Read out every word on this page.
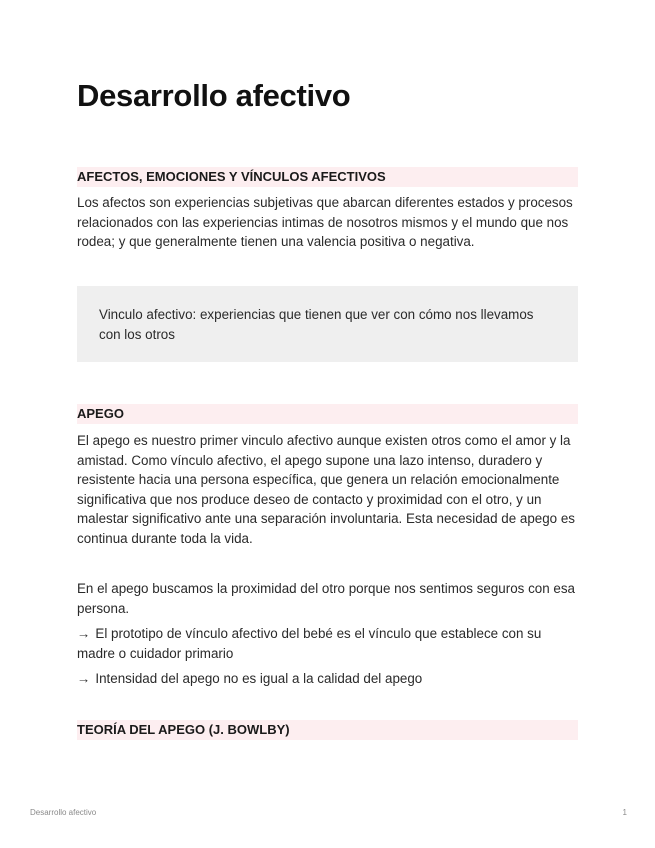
Desarrollo afectivo
AFECTOS, EMOCIONES Y VÍNCULOS AFECTIVOS

Los afectos son experiencias subjetivas que abarcan diferentes estados y procesos relacionados con las experiencias intimas de nosotros mismos y el mundo que nos rodea; y que generalmente tienen una valencia positiva o negativa.

Vinculo afectivo: experiencias que tienen que ver con cómo nos llevamos con los otros

APEGO

El apego es nuestro primer vinculo afectivo aunque existen otros como el amor y la amistad. Como vínculo afectivo, el apego supone una lazo intenso, duradero y resistente hacia una persona específica, que genera un relación emocionalmente significativa que nos produce deseo de contacto y proximidad con el otro, y un malestar significativo ante una separación involuntaria. Esta necesidad de apego es continua durante toda la vida.

En el apego buscamos la proximidad del otro porque nos sentimos seguros con esa persona.

→ El prototipo de vínculo afectivo del bebé es el vínculo que establece con su madre o cuidador primario

→ Intensidad del apego no es igual a la calidad del apego

TEORÍA DEL APEGO (J. BOWLBY)
Desarrollo afectivo	1
